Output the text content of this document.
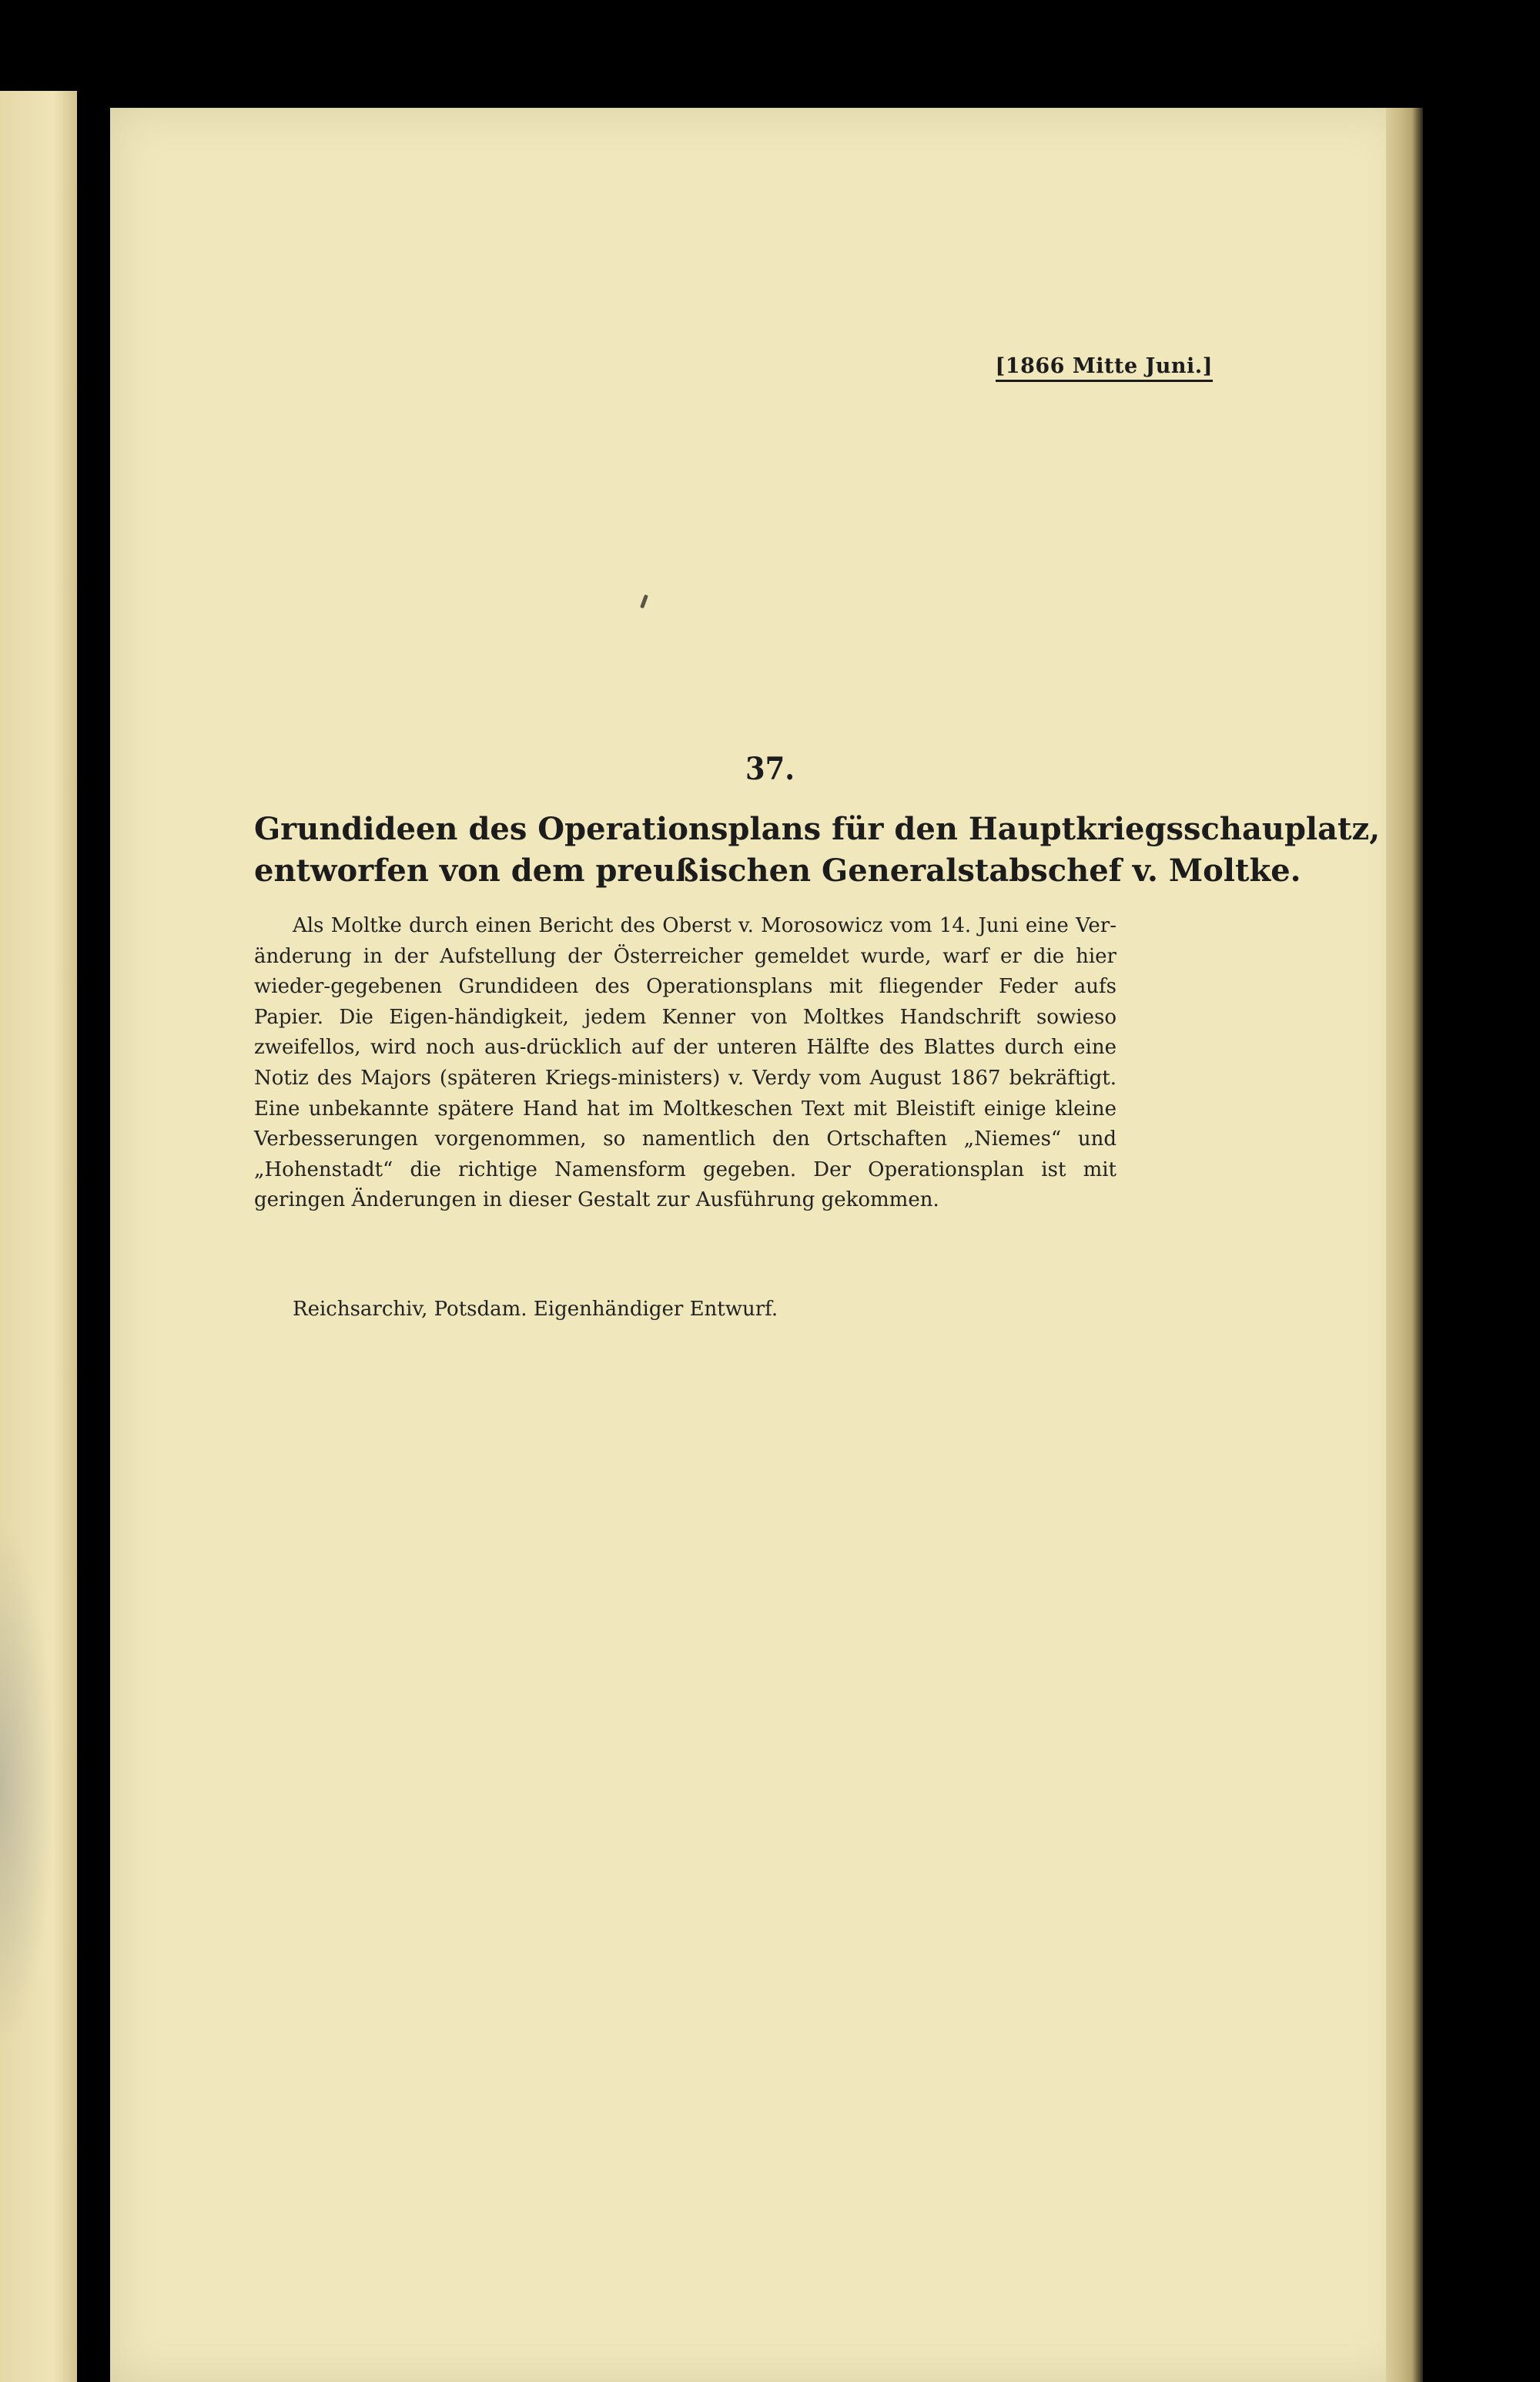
[1866 Mitte Juni.]
37.
Grundideen des Operationsplans für den Hauptkriegsschauplatz,
entworfen von dem preußischen Generalstabschef v. Moltke.
Als Moltke durch einen Bericht des Oberst v. Morosowicz vom 14. Juni eine Ver-änderung in der Aufstellung der Österreicher gemeldet wurde, warf er die hier wieder-gegebenen Grundideen des Operationsplans mit fliegender Feder aufs Papier. Die Eigen-händigkeit, jedem Kenner von Moltkes Handschrift sowieso zweifellos, wird noch aus-drücklich auf der unteren Hälfte des Blattes durch eine Notiz des Majors (späteren Kriegs-ministers) v. Verdy vom August 1867 bekräftigt. Eine unbekannte spätere Hand hat im Moltkeschen Text mit Bleistift einige kleine Verbesserungen vorgenommen, so namentlich den Ortschaften „Niemes“ und „Hohenstadt“ die richtige Namensform gegeben. Der Operationsplan ist mit geringen Änderungen in dieser Gestalt zur Ausführung gekommen.
Reichsarchiv, Potsdam. Eigenhändiger Entwurf.
